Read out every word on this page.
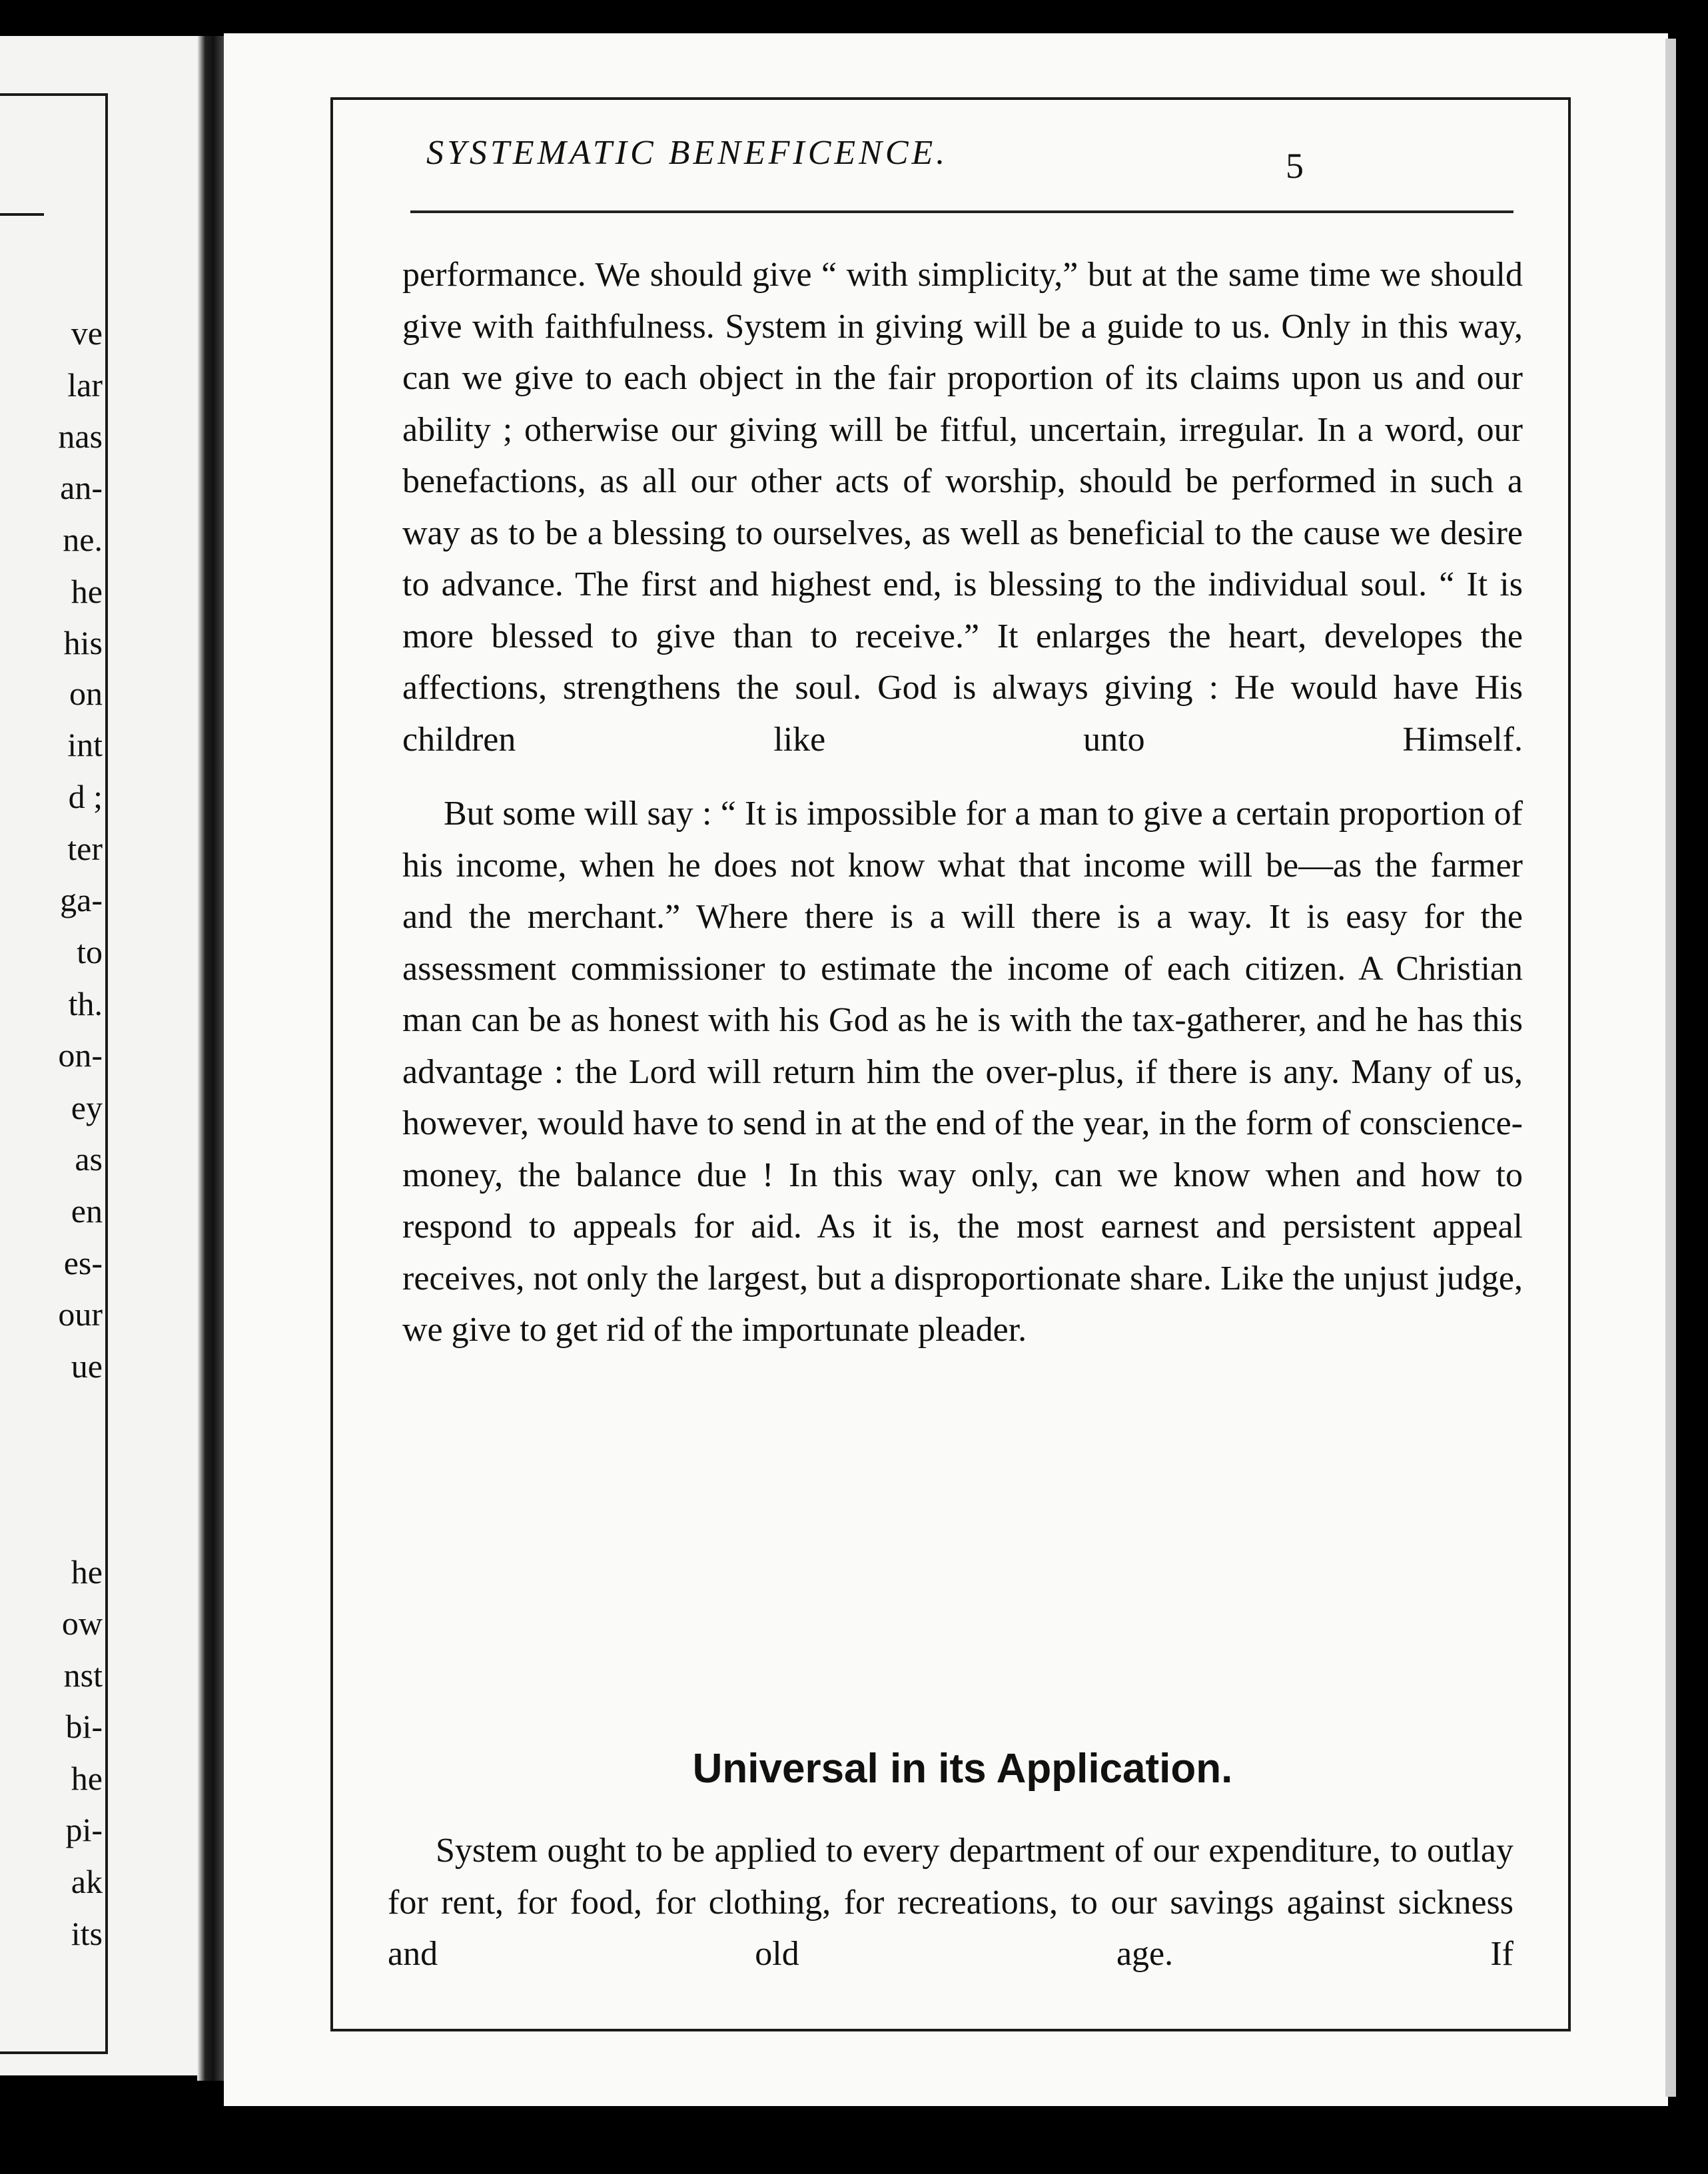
ve
lar
nas
an-
ne.
he
his
on
int
d ;
ter
ga-
to
th.
on-
ey
as
en
es-
our
ue
he
ow
nst
bi-
he
pi-
ak
its
SYSTEMATIC BENEFICENCE.	5

performance. We should give “ with simplicity,” but at the same time we should give with faithfulness. System in giving will be a guide to us. Only in this way, can we give to each object in the fair proportion of its claims upon us and our ability ; otherwise our giving will be fitful, uncertain, irregular. In a word, our benefactions, as all our other acts of worship, should be performed in such a way as to be a blessing to ourselves, as well as beneficial to the cause we desire to advance. The first and highest end, is blessing to the individual soul. “ It is more blessed to give than to receive.” It enlarges the heart, developes the affections, strengthens the soul. God is always giving : He would have His children like unto Himself.

But some will say : “ It is impossible for a man to give a certain proportion of his income, when he does not know what that income will be—as the farmer and the merchant.” Where there is a will there is a way. It is easy for the assessment commissioner to estimate the income of each citizen. A Christian man can be as honest with his God as he is with the tax-gatherer, and he has this advantage : the Lord will return him the over-plus, if there is any. Many of us, however, would have to send in at the end of the year, in the form of conscience-money, the balance due ! In this way only, can we know when and how to respond to appeals for aid. As it is, the most earnest and persistent appeal receives, not only the largest, but a disproportionate share. Like the unjust judge, we give to get rid of the importunate pleader.

Universal in its Application.
System ought to be applied to every department of our expenditure, to outlay for rent, for food, for clothing, for recreations, to our savings against sickness and old age. If
